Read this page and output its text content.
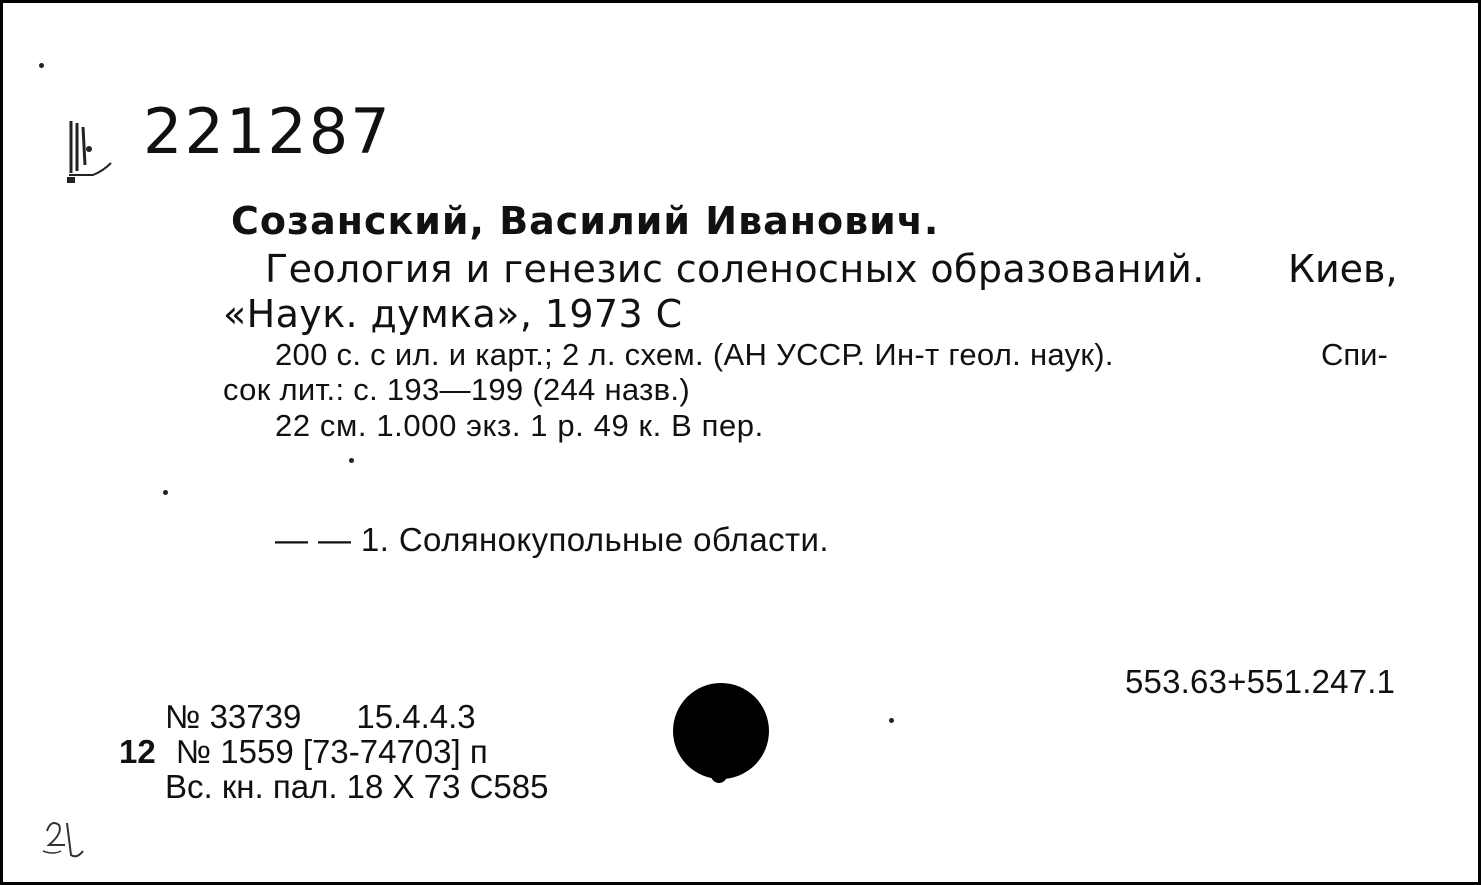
221287
Созанский, Василий Иванович.
Геология и генезис соленосных образований. Киев,
«Наук. думка», 1973 С
200 с. с ил. и карт.; 2 л. схем. (АН УССР. Ин-т геол. наук).	Спи-
сок лит.: с. 193—199 (244 назв.)
22 см. 1.000 экз. 1 р. 49 к. В пер.
— — 1. Солянокупольные области.
553.63+551.247.1
№ 33739      15.4.4.3
12 № 1559 [73-74703] п
Вс. кн. пал. 18 X 73 С585
